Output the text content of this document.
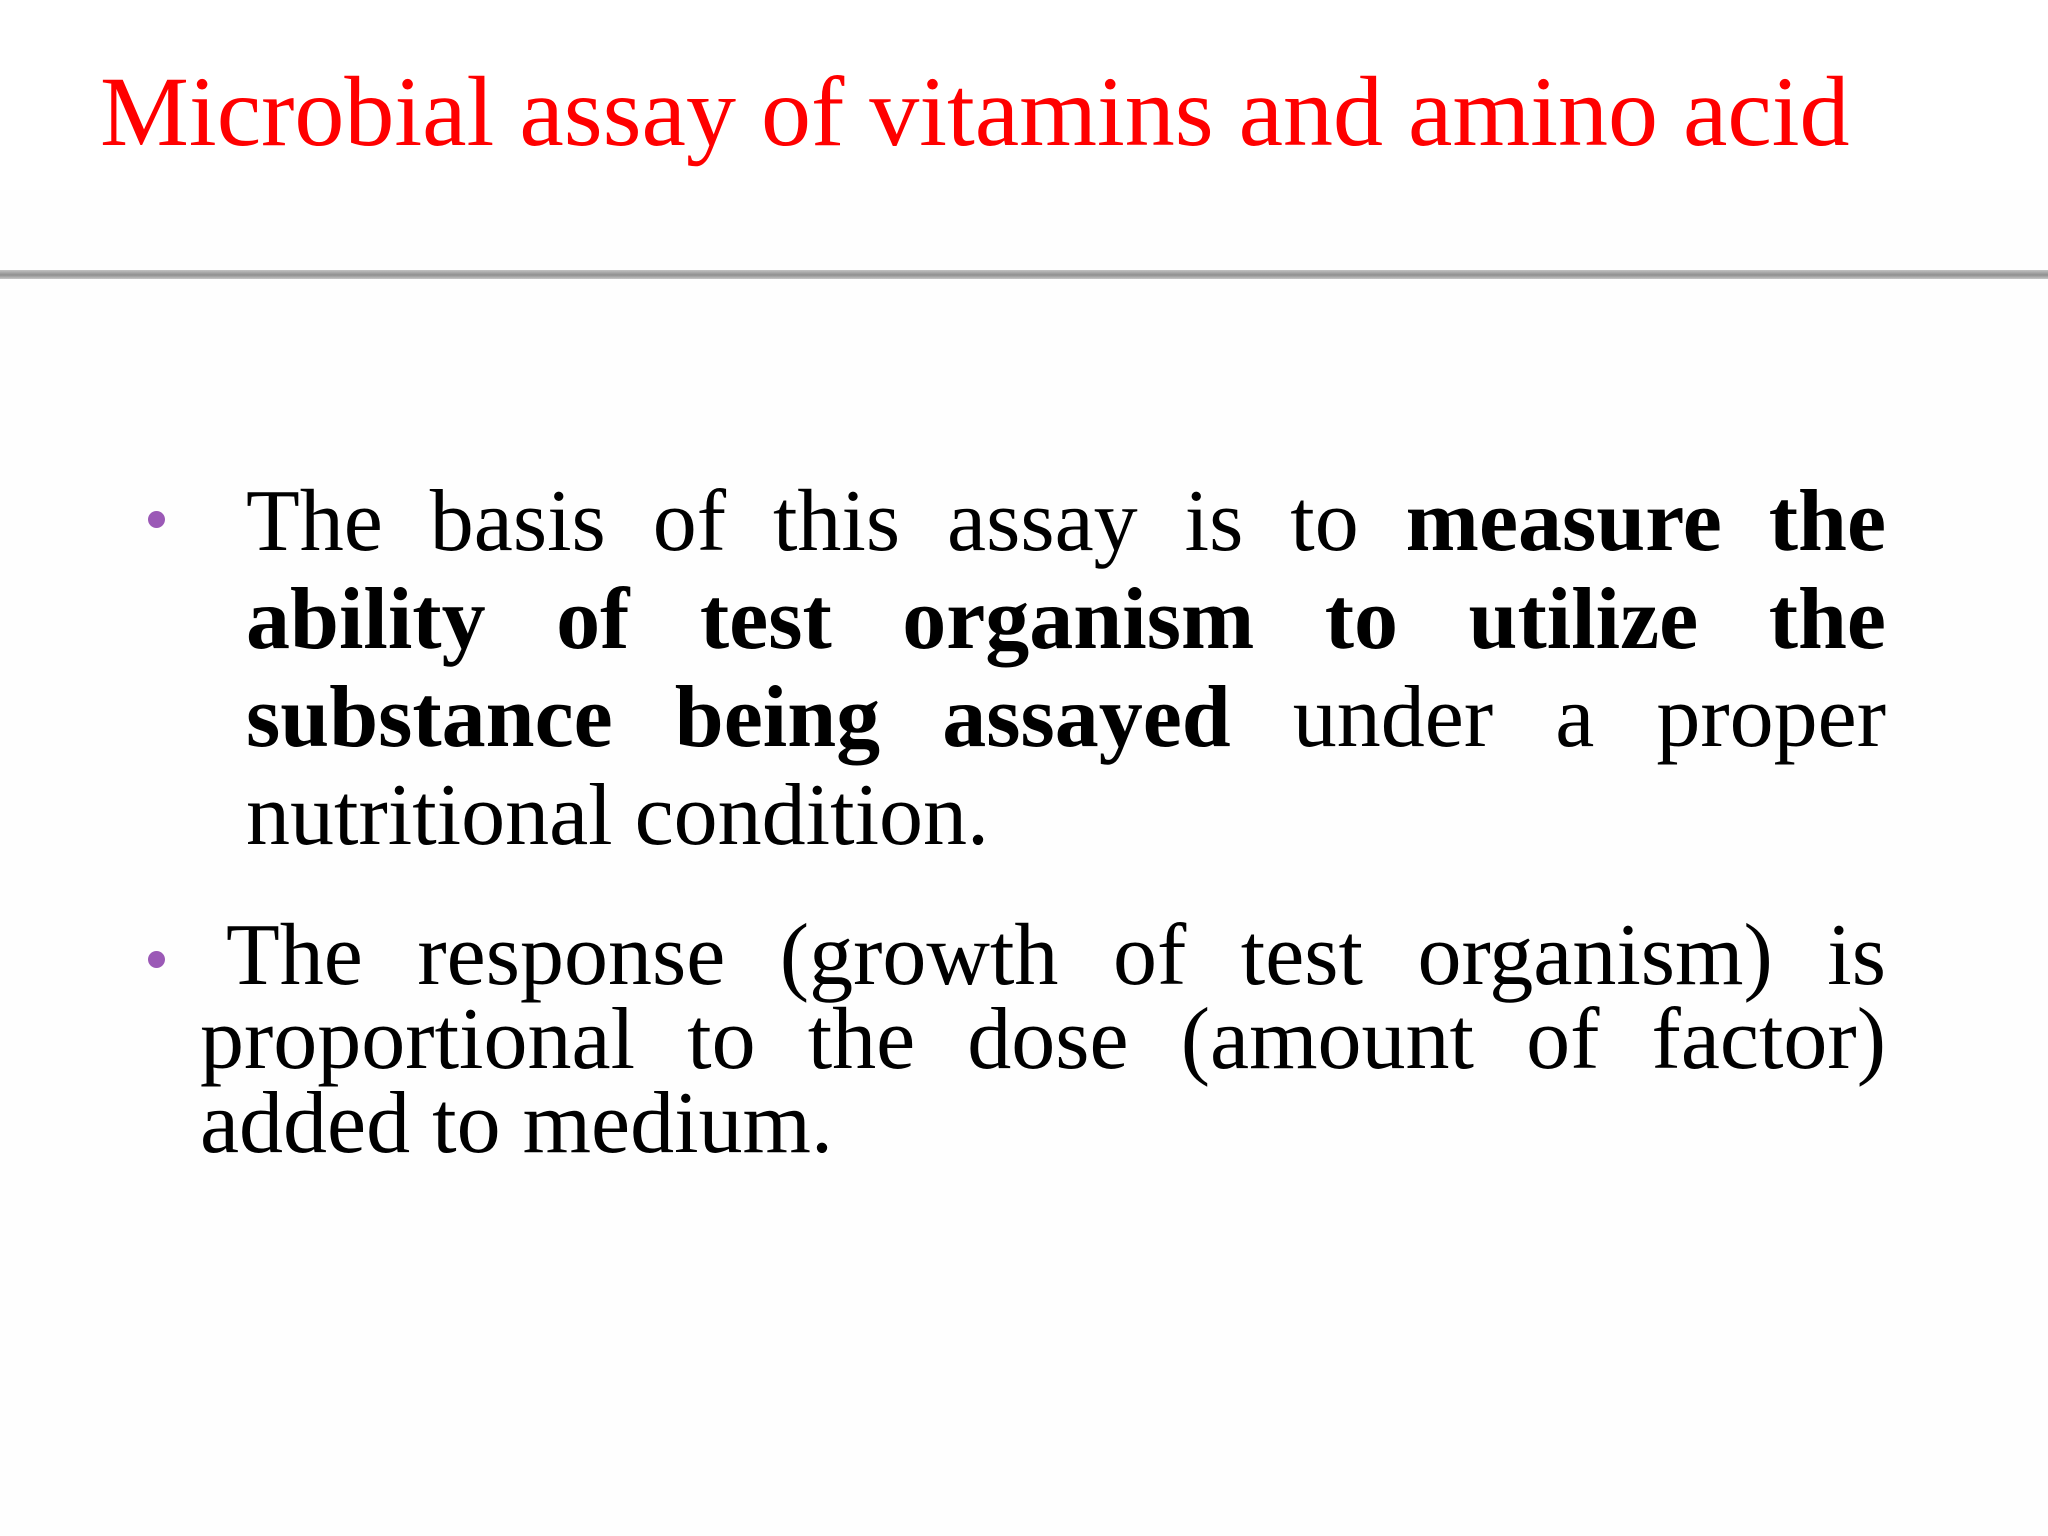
Microbial assay of vitamins and amino acid
The basis of this assay is to measure the ability of test organism to utilize the substance being assayed under a proper nutritional condition.
The response (growth of test organism) is proportional to the dose (amount of factor) added to medium.
